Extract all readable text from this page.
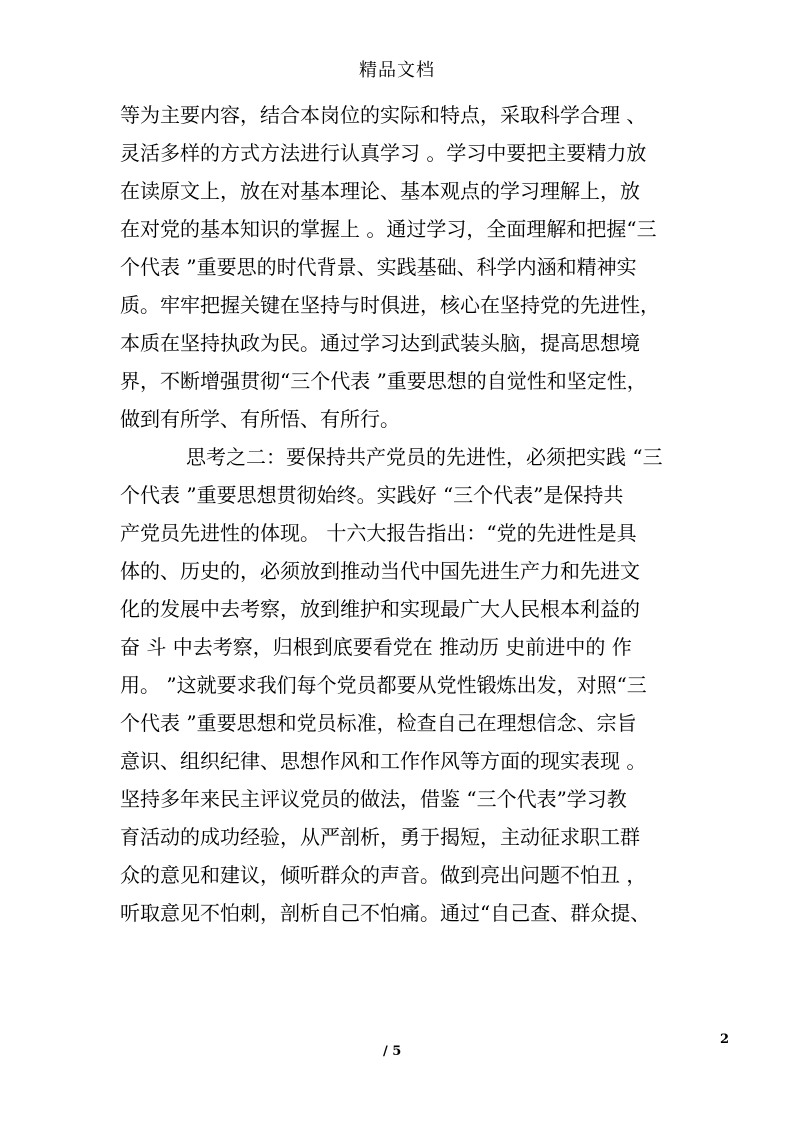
精品文档
等为主要内容，结合本岗位的实际和特点，采取科学合理 、
灵活多样的方式方法进行认真学习 。学习中要把主要精力放
在读原文上，放在对基本理论、基本观点的学习理解上，放
在对党的基本知识的掌握上 。通过学习，全面理解和把握“三
个代表 ”重要思的时代背景、实践基础、科学内涵和精神实
质。牢牢把握关键在坚持与时俱进，核心在坚持党的先进性，
本质在坚持执政为民。通过学习达到武装头脑，提高思想境
界，不断增强贯彻“三个代表 ”重要思想的自觉性和坚定性，
做到有所学、有所悟、有所行。
思考之二：要保持共产党员的先进性，必须把实践 “三
个代表 ”重要思想贯彻始终。实践好 “三个代表”是保持共
产党员先进性的体现。 十六大报告指出：“党的先进性是具
体的、历史的，必须放到推动当代中国先进生产力和先进文
化的发展中去考察，放到维护和实现最广大人民根本利益的
奋 斗 中去考察，归根到底要看党在 推动历 史前进中的 作
用。 ”这就要求我们每个党员都要从党性锻炼出发，对照“三
个代表 ”重要思想和党员标准，检查自己在理想信念、宗旨
意识、组织纪律、思想作风和工作作风等方面的现实表现 。
坚持多年来民主评议党员的做法，借鉴 “三个代表”学习教
育活动的成功经验，从严剖析，勇于揭短，主动征求职工群
众的意见和建议，倾听群众的声音。做到亮出问题不怕丑 ，
听取意见不怕刺，剖析自己不怕痛。通过“自己查、群众提、
2
/ 5
